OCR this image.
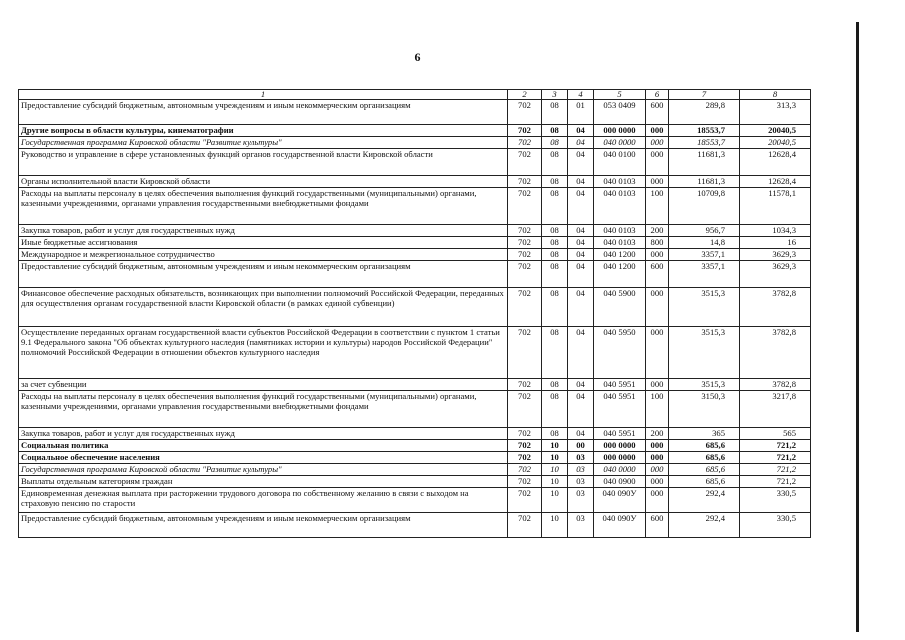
6
1	2	3	4	5	6	7	8
Предоставление субсидий бюджетным, автономным учреждениям и иным некоммерческим организациям	702	08	01	053 0409	600	289,8	313,3
Другие вопросы в области культуры, кинематографии	702	08	04	000 0000	000	18553,7	20040,5
Государственная программа Кировской области "Развитие культуры"	702	08	04	040 0000	000	18553,7	20040,5
Руководство и управление в сфере установленных функций органов государственной власти Кировской области	702	08	04	040 0100	000	11681,3	12628,4
Органы исполнительной власти Кировской области	702	08	04	040 0103	000	11681,3	12628,4
Расходы на выплаты персоналу в целях обеспечения выполнения функций государственными (муниципальными) органами, казенными учреждениями, органами управления государственными внебюджетными фондами	702	08	04	040 0103	100	10709,8	11578,1
Закупка товаров, работ и услуг для государственных нужд	702	08	04	040 0103	200	956,7	1034,3
Иные бюджетные ассигнования	702	08	04	040 0103	800	14,8	16
Международное и межрегиональное сотрудничество	702	08	04	040 1200	000	3357,1	3629,3
Предоставление субсидий бюджетным, автономным учреждениям и иным некоммерческим организациям	702	08	04	040 1200	600	3357,1	3629,3
Финансовое обеспечение расходных обязательств, возникающих при выполнении полномочий Российской Федерации, переданных для осуществления органам государственной власти Кировской области (в рамках единой субвенции)	702	08	04	040 5900	000	3515,3	3782,8
Осуществление переданных органам государственной власти субъектов Российской Федерации в соответствии с пунктом 1 статьи 9.1 Федерального закона "Об объектах культурного наследия (памятниках истории и культуры) народов Российской Федерации" полномочий Российской Федерации в отношении объектов культурного наследия	702	08	04	040 5950	000	3515,3	3782,8
за счет субвенции	702	08	04	040 5951	000	3515,3	3782,8
Расходы на выплаты персоналу в целях обеспечения выполнения функций государственными (муниципальными) органами, казенными учреждениями, органами управления государственными внебюджетными фондами	702	08	04	040 5951	100	3150,3	3217,8
Закупка товаров, работ и услуг для государственных нужд	702	08	04	040 5951	200	365	565
Социальная политика	702	10	00	000 0000	000	685,6	721,2
Социальное обеспечение населения	702	10	03	000 0000	000	685,6	721,2
Государственная программа Кировской области "Развитие культуры"	702	10	03	040 0000	000	685,6	721,2
Выплаты отдельным категориям граждан	702	10	03	040 0900	000	685,6	721,2
Единовременная денежная выплата при расторжении трудового договора по собственному желанию в связи с выходом на страховую пенсию по старости	702	10	03	040 090У	000	292,4	330,5
Предоставление субсидий бюджетным, автономным учреждениям и иным некоммерческим организациям	702	10	03	040 090У	600	292,4	330,5
